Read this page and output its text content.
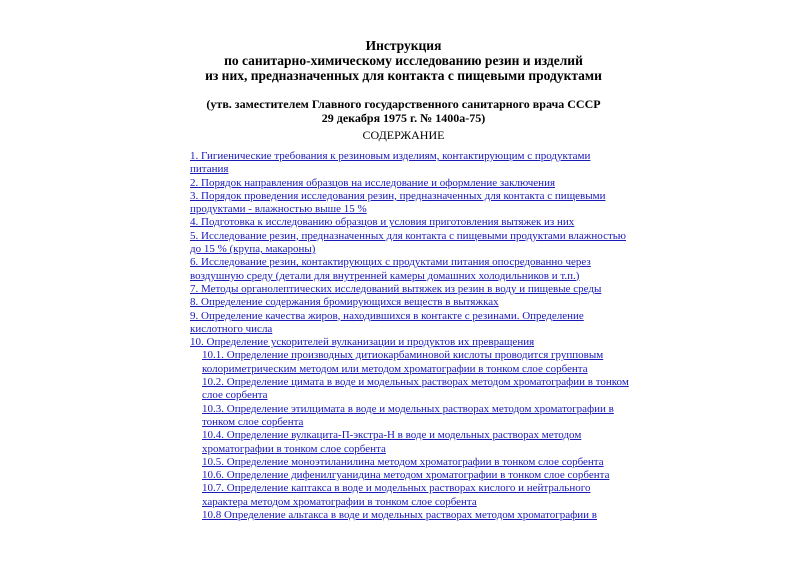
Инструкция
по санитарно-химическому исследованию резин и изделий
из них, предназначенных для контакта с пищевыми продуктами
(утв. заместителем Главного государственного санитарного врача СССР
29 декабря 1975 г. № 1400а-75)
СОДЕРЖАНИЕ
1. Гигиенические требования к резиновым изделиям, контактирующим с продуктами питания
2. Порядок направления образцов на исследование и оформление заключения
3. Порядок проведения исследования резин, предназначенных для контакта с пищевыми продуктами - влажностью выше 15 %
4. Подготовка к исследованию образцов и условия приготовления вытяжек из них
5. Исследование резин, предназначенных для контакта с пищевыми продуктами влажностью до 15 % (крупа, макароны)
6. Исследование резин, контактирующих с продуктами питания опосредованно через воздушную среду (детали для внутренней камеры домашних холодильников и т.п.)
7. Методы органолептических исследований вытяжек из резин в воду и пищевые среды
8. Определение содержания бромирующихся веществ в вытяжках
9. Определение качества жиров, находившихся в контакте с резинами. Определение кислотного числа
10. Определение ускорителей вулканизации и продуктов их превращения
10.1. Определение производных дитиокарбаминовой кислоты проводится групповым колориметрическим методом или методом хроматографии в тонком слое сорбента
10.2. Определение цимата в воде и модельных растворах методом хроматографии в тонком слое сорбента
10.3. Определение этилцимата в воде и модельных растворах методом хроматографии в тонком слое сорбента
10.4. Определение вулкацита-П-экстра-Н в воде и модельных растворах методом хроматографии в тонком слое сорбента
10.5. Определение моноэтиланилина методом хроматографии в тонком слое сорбента
10.6. Определение дифенилгуанидина методом хроматографии в тонком слое сорбента
10.7. Определение каптакса в воде и модельных растворах кислого и нейтрального характера методом хроматографии в тонком слое сорбента
10.8 Определение альтакса в воде и модельных растворах методом хроматографии в
